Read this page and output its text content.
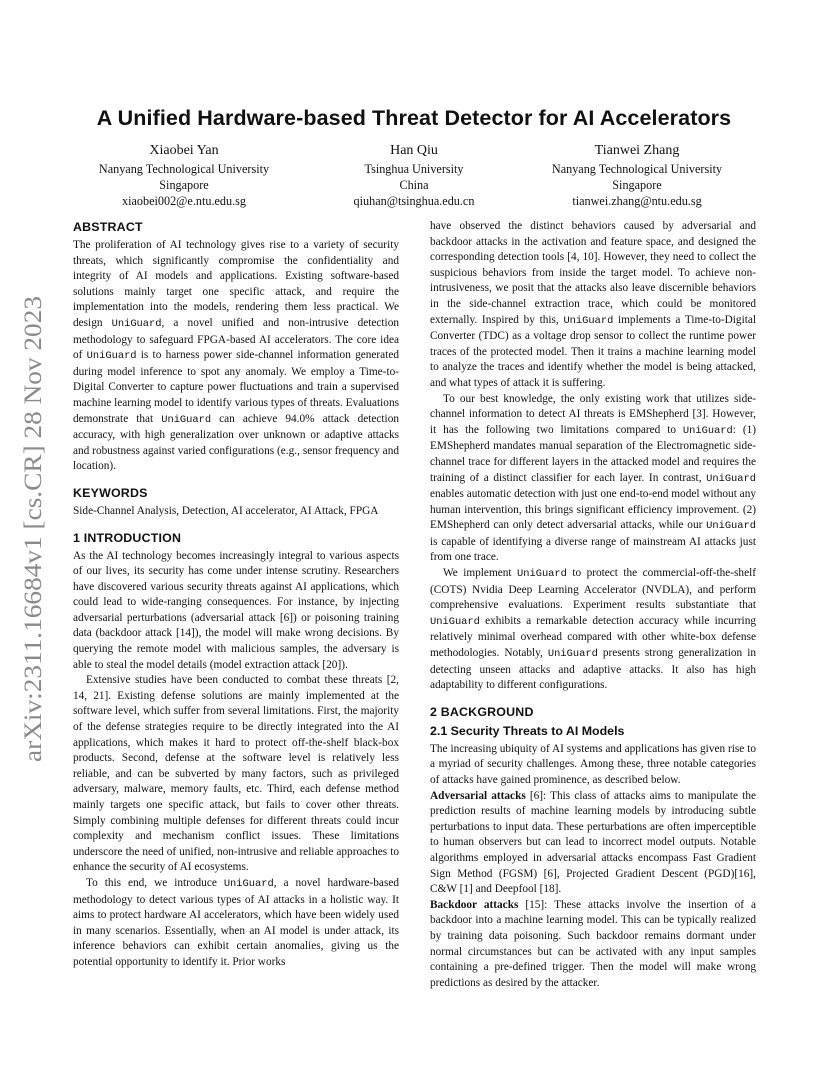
arXiv:2311.16684v1 [cs.CR] 28 Nov 2023
A Unified Hardware-based Threat Detector for AI Accelerators
Xiaobei Yan
Nanyang Technological University
Singapore
xiaobei002@e.ntu.edu.sg
Han Qiu
Tsinghua University
China
qiuhan@tsinghua.edu.cn
Tianwei Zhang
Nanyang Technological University
Singapore
tianwei.zhang@ntu.edu.sg
ABSTRACT

The proliferation of AI technology gives rise to a variety of security threats, which significantly compromise the confidentiality and integrity of AI models and applications. Existing software-based solutions mainly target one specific attack, and require the implementation into the models, rendering them less practical. We design UniGuard, a novel unified and non-intrusive detection methodology to safeguard FPGA-based AI accelerators. The core idea of UniGuard is to harness power side-channel information generated during model inference to spot any anomaly. We employ a Time-to-Digital Converter to capture power fluctuations and train a supervised machine learning model to identify various types of threats. Evaluations demonstrate that UniGuard can achieve 94.0% attack detection accuracy, with high generalization over unknown or adaptive attacks and robustness against varied configurations (e.g., sensor frequency and location).

KEYWORDS

Side-Channel Analysis, Detection, AI accelerator, AI Attack, FPGA

1 INTRODUCTION

As the AI technology becomes increasingly integral to various aspects of our lives, its security has come under intense scrutiny. Researchers have discovered various security threats against AI applications, which could lead to wide-ranging consequences. For instance, by injecting adversarial perturbations (adversarial attack [6]) or poisoning training data (backdoor attack [14]), the model will make wrong decisions. By querying the remote model with malicious samples, the adversary is able to steal the model details (model extraction attack [20]).

Extensive studies have been conducted to combat these threats [2, 14, 21]. Existing defense solutions are mainly implemented at the software level, which suffer from several limitations. First, the majority of the defense strategies require to be directly integrated into the AI applications, which makes it hard to protect off-the-shelf black-box products. Second, defense at the software level is relatively less reliable, and can be subverted by many factors, such as privileged adversary, malware, memory faults, etc. Third, each defense method mainly targets one specific attack, but fails to cover other threats. Simply combining multiple defenses for different threats could incur complexity and mechanism conflict issues. These limitations underscore the need of unified, non-intrusive and reliable approaches to enhance the security of AI ecosystems.

To this end, we introduce UniGuard, a novel hardware-based methodology to detect various types of AI attacks in a holistic way. It aims to protect hardware AI accelerators, which have been widely used in many scenarios. Essentially, when an AI model is under attack, its inference behaviors can exhibit certain anomalies, giving us the potential opportunity to identify it. Prior works

have observed the distinct behaviors caused by adversarial and backdoor attacks in the activation and feature space, and designed the corresponding detection tools [4, 10]. However, they need to collect the suspicious behaviors from inside the target model. To achieve non-intrusiveness, we posit that the attacks also leave discernible behaviors in the side-channel extraction trace, which could be monitored externally. Inspired by this, UniGuard implements a Time-to-Digital Converter (TDC) as a voltage drop sensor to collect the runtime power traces of the protected model. Then it trains a machine learning model to analyze the traces and identify whether the model is being attacked, and what types of attack it is suffering.

To our best knowledge, the only existing work that utilizes side-channel information to detect AI threats is EMShepherd [3]. However, it has the following two limitations compared to UniGuard: (1) EMShepherd mandates manual separation of the Electromagnetic side-channel trace for different layers in the attacked model and requires the training of a distinct classifier for each layer. In contrast, UniGuard enables automatic detection with just one end-to-end model without any human intervention, this brings significant efficiency improvement. (2) EMShepherd can only detect adversarial attacks, while our UniGuard is capable of identifying a diverse range of mainstream AI attacks just from one trace.

We implement UniGuard to protect the commercial-off-the-shelf (COTS) Nvidia Deep Learning Accelerator (NVDLA), and perform comprehensive evaluations. Experiment results substantiate that UniGuard exhibits a remarkable detection accuracy while incurring relatively minimal overhead compared with other white-box defense methodologies. Notably, UniGuard presents strong generalization in detecting unseen attacks and adaptive attacks. It also has high adaptability to different configurations.

2 BACKGROUND
2.1 Security Threats to AI Models

The increasing ubiquity of AI systems and applications has given rise to a myriad of security challenges. Among these, three notable categories of attacks have gained prominence, as described below.

Adversarial attacks [6]: This class of attacks aims to manipulate the prediction results of machine learning models by introducing subtle perturbations to input data. These perturbations are often imperceptible to human observers but can lead to incorrect model outputs. Notable algorithms employed in adversarial attacks encompass Fast Gradient Sign Method (FGSM) [6], Projected Gradient Descent (PGD)[16], C&W [1] and Deepfool [18].

Backdoor attacks [15]: These attacks involve the insertion of a backdoor into a machine learning model. This can be typically realized by training data poisoning. Such backdoor remains dormant under normal circumstances but can be activated with any input samples containing a pre-defined trigger. Then the model will make wrong predictions as desired by the attacker.
